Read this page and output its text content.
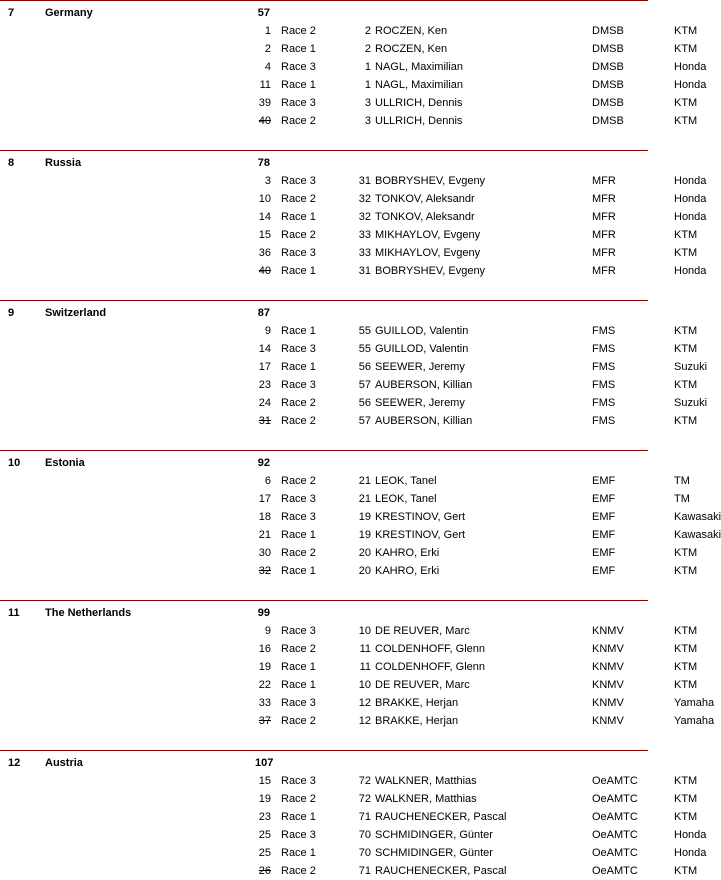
7	Germany	57
1 Race 2	2 ROCZEN, Ken	DMSB	KTM
2 Race 1	2 ROCZEN, Ken	DMSB	KTM
4 Race 3	1 NAGL, Maximilian	DMSB	Honda
11 Race 1	1 NAGL, Maximilian	DMSB	Honda
39 Race 3	3 ULLRICH, Dennis	DMSB	KTM
40 Race 2	3 ULLRICH, Dennis	DMSB	KTM
8	Russia	78
3 Race 3	31 BOBRYSHEV, Evgeny	MFR	Honda
10 Race 2	32 TONKOV, Aleksandr	MFR	Honda
14 Race 1	32 TONKOV, Aleksandr	MFR	Honda
15 Race 2	33 MIKHAYLOV, Evgeny	MFR	KTM
36 Race 3	33 MIKHAYLOV, Evgeny	MFR	KTM
40 Race 1	31 BOBRYSHEV, Evgeny	MFR	Honda
9	Switzerland	87
9 Race 1	55 GUILLOD, Valentin	FMS	KTM
14 Race 3	55 GUILLOD, Valentin	FMS	KTM
17 Race 1	56 SEEWER, Jeremy	FMS	Suzuki
23 Race 3	57 AUBERSON, Killian	FMS	KTM
24 Race 2	56 SEEWER, Jeremy	FMS	Suzuki
31 Race 2	57 AUBERSON, Killian	FMS	KTM
10 Estonia	92
6 Race 2	21 LEOK, Tanel	EMF	TM
17 Race 3	21 LEOK, Tanel	EMF	TM
18 Race 3	19 KRESTINOV, Gert	EMF	Kawasaki
21 Race 1	19 KRESTINOV, Gert	EMF	Kawasaki
30 Race 2	20 KAHRO, Erki	EMF	KTM
32 Race 1	20 KAHRO, Erki	EMF	KTM
11 The Netherlands	99
9 Race 3	10 DE REUVER, Marc	KNMV	KTM
16 Race 2	11 COLDENHOFF, Glenn	KNMV	KTM
19 Race 1	11 COLDENHOFF, Glenn	KNMV	KTM
22 Race 1	10 DE REUVER, Marc	KNMV	KTM
33 Race 3	12 BRAKKE, Herjan	KNMV	Yamaha
37 Race 2	12 BRAKKE, Herjan	KNMV	Yamaha
12 Austria	107
15 Race 3	72 WALKNER, Matthias	OeAMTC	KTM
19 Race 2	72 WALKNER, Matthias	OeAMTC	KTM
23 Race 1	71 RAUCHENECKER, Pascal	OeAMTC	KTM
25 Race 3	70 SCHMIDINGER, Günter	OeAMTC	Honda
25 Race 1	70 SCHMIDINGER, Günter	OeAMTC	Honda
26 Race 2	71 RAUCHENECKER, Pascal	OeAMTC	KTM
